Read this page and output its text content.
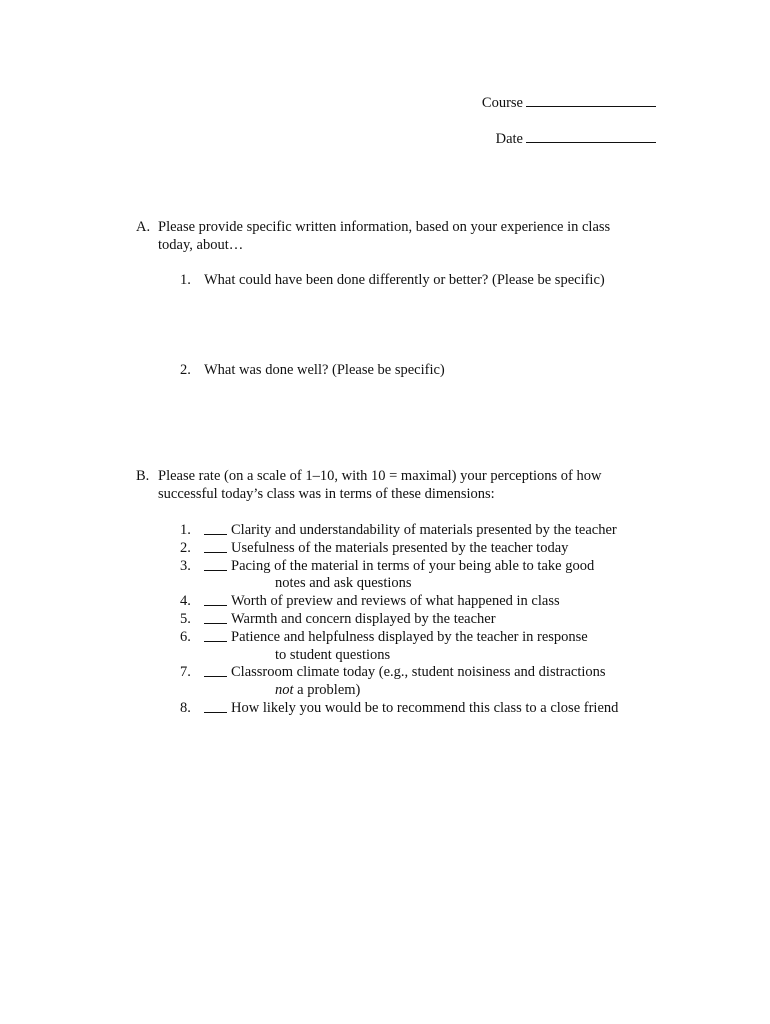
Course
Date
A. Please provide specific written information, based on your experience in class
today, about…
1. What could have been done differently or better? (Please be specific)
2. What was done well? (Please be specific)
B. Please rate (on a scale of 1–10, with 10 = maximal) your perceptions of how
successful today’s class was in terms of these dimensions:
1.	Clarity and understandability of materials presented by the teacher
2.	Usefulness of the materials presented by the teacher today
3.	Pacing of the material in terms of your being able to take good
notes and ask questions
4.	Worth of preview and reviews of what happened in class
5.	Warmth and concern displayed by the teacher
6.	Patience and helpfulness displayed by the teacher in response
to student questions
7.	Classroom climate today (e.g., student noisiness and distractions
not a problem)
8.	How likely you would be to recommend this class to a close friend
